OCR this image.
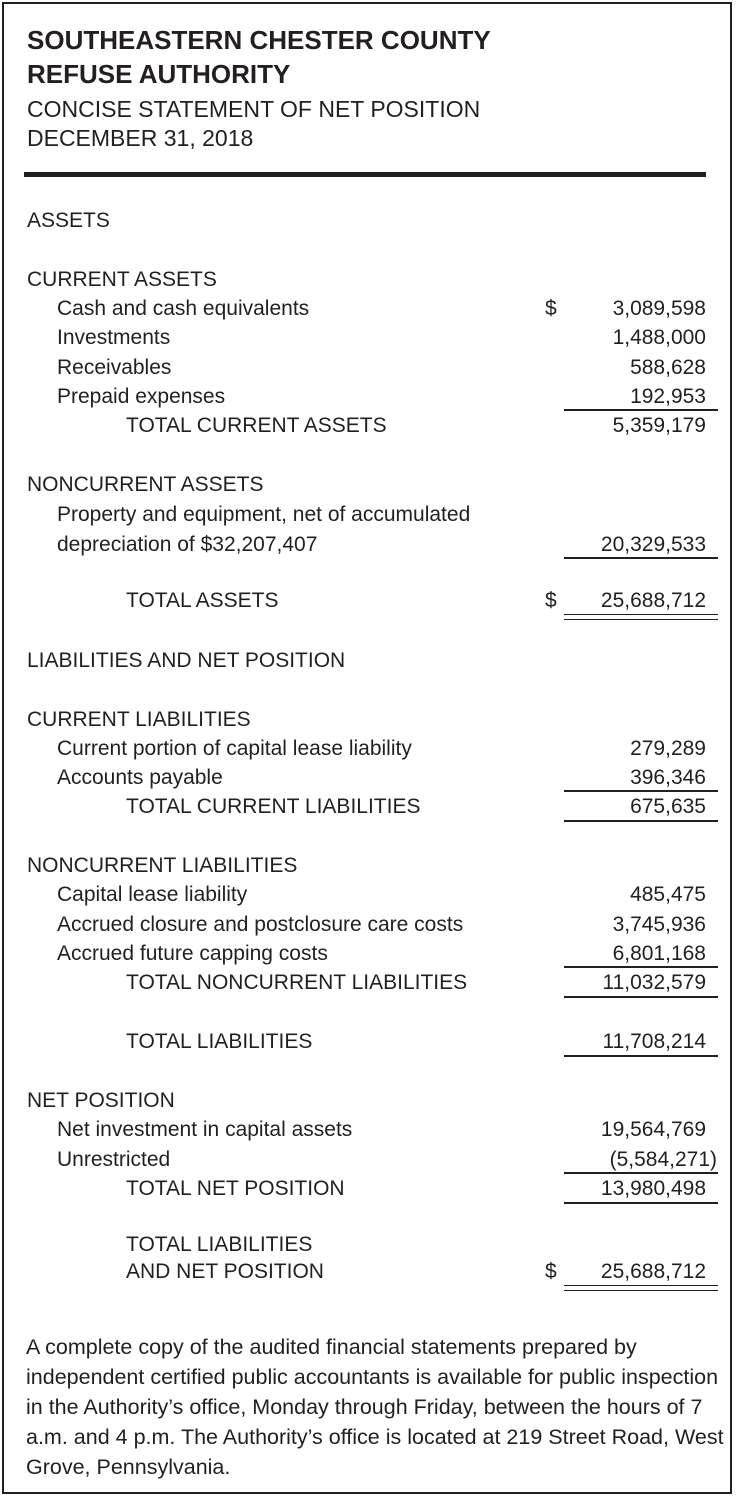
SOUTHEASTERN CHESTER COUNTY
REFUSE AUTHORITY
CONCISE STATEMENT OF NET POSITION
DECEMBER 31, 2018
ASSETS
CURRENT ASSETS
Cash and cash equivalents	$	3,089,598
Investments	1,488,000
Receivables	588,628
Prepaid expenses	192,953
TOTAL CURRENT ASSETS	5,359,179
NONCURRENT ASSETS
Property and equipment, net of accumulated
depreciation of $32,207,407	20,329,533
TOTAL ASSETS	$	25,688,712
LIABILITIES AND NET POSITION
CURRENT LIABILITIES
Current portion of capital lease liability	279,289
Accounts payable	396,346
TOTAL CURRENT LIABILITIES	675,635
NONCURRENT LIABILITIES
Capital lease liability	485,475
Accrued closure and postclosure care costs	3,745,936
Accrued future capping costs	6,801,168
TOTAL NONCURRENT LIABILITIES	11,032,579
TOTAL LIABILITIES	11,708,214
NET POSITION
Net investment in capital assets	19,564,769
Unrestricted	(5,584,271)
TOTAL NET POSITION	13,980,498
TOTAL LIABILITIES
AND NET POSITION	$	25,688,712
A complete copy of the audited financial statements prepared by independent certified public accountants is available for public inspection in the Authority’s office, Monday through Friday, between the hours of 7 a.m. and 4 p.m. The Authority’s office is located at 219 Street Road, West Grove, Pennsylvania.
